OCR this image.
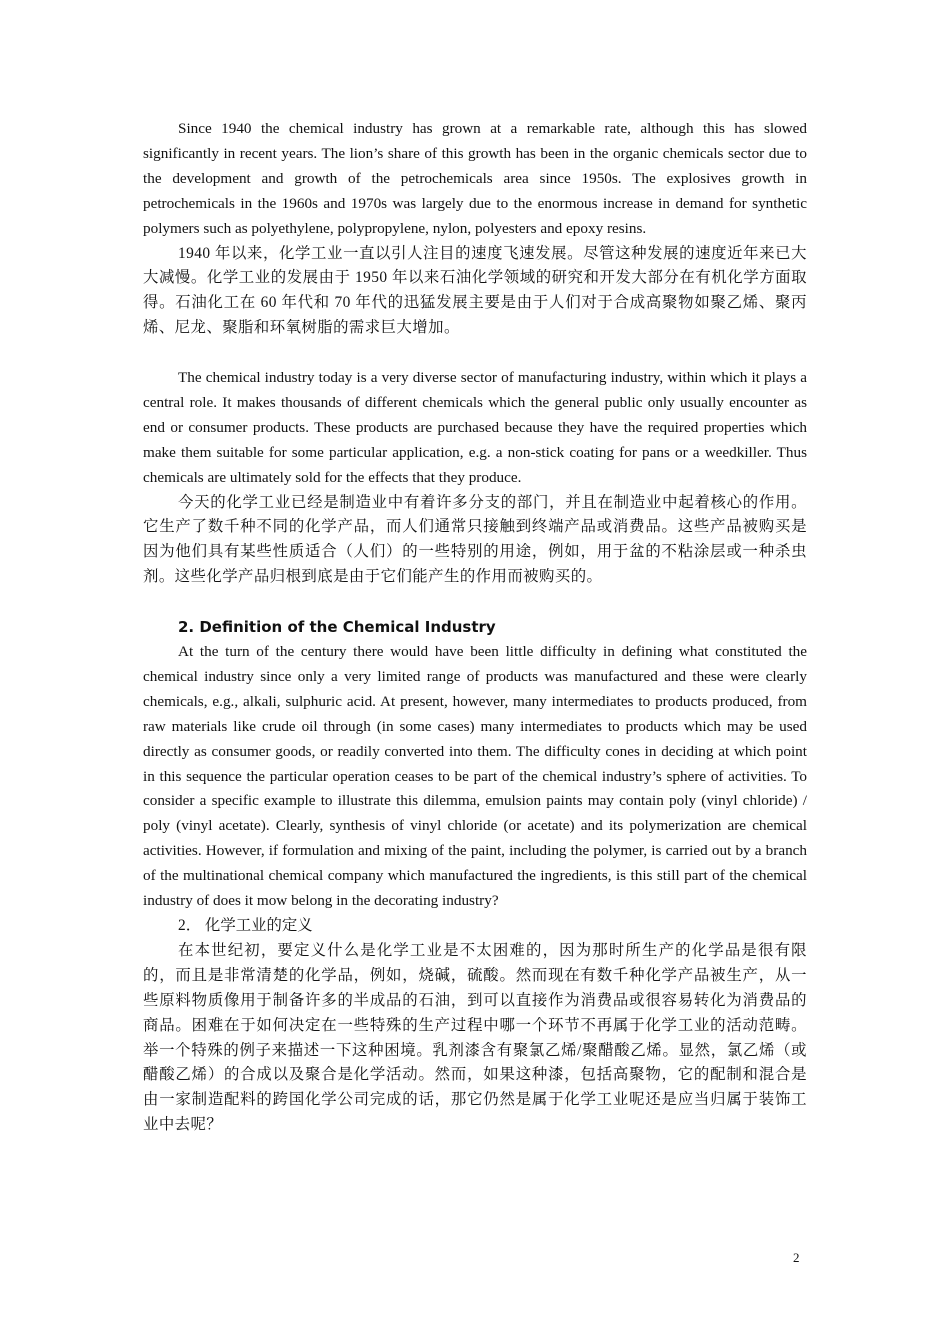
Since 1940 the chemical industry has grown at a remarkable rate, although this has slowed significantly in recent years. The lion’s share of this growth has been in the organic chemicals sector due to the development and growth of the petrochemicals area since 1950s. The explosives growth in petrochemicals in the 1960s and 1970s was largely due to the enormous increase in demand for synthetic polymers such as polyethylene, polypropylene, nylon, polyesters and epoxy resins.

1940 年以来，化学工业一直以引人注目的速度飞速发展。尽管这种发展的速度近年来已大大减慢。化学工业的发展由于 1950 年以来石油化学领域的研究和开发大部分在有机化学方面取得。石油化工在 60 年代和 70 年代的迅猛发展主要是由于人们对于合成高聚物如聚乙烯、聚丙烯、尼龙、聚脂和环氧树脂的需求巨大增加。

The chemical industry today is a very diverse sector of manufacturing industry, within which it plays a central role. It makes thousands of different chemicals which the general public only usually encounter as end or consumer products. These products are purchased because they have the required properties which make them suitable for some particular application, e.g. a non-stick coating for pans or a weedkiller. Thus chemicals are ultimately sold for the effects that they produce.

今天的化学工业已经是制造业中有着许多分支的部门，并且在制造业中起着核心的作用。它生产了数千种不同的化学产品，而人们通常只接触到终端产品或消费品。这些产品被购买是因为他们具有某些性质适合（人们）的一些特别的用途，例如，用于盆的不粘涂层或一种杀虫剂。这些化学产品归根到底是由于它们能产生的作用而被购买的。

2. Definition of the Chemical Industry

At the turn of the century there would have been little difficulty in defining what constituted the chemical industry since only a very limited range of products was manufactured and these were clearly chemicals, e.g., alkali, sulphuric acid. At present, however, many intermediates to products produced, from raw materials like crude oil through (in some cases) many intermediates to products which may be used directly as consumer goods, or readily converted into them. The difficulty cones in deciding at which point in this sequence the particular operation ceases to be part of the chemical industry’s sphere of activities. To consider a specific example to illustrate this dilemma, emulsion paints may contain poly (vinyl chloride) / poly (vinyl acetate). Clearly, synthesis of vinyl chloride (or acetate) and its polymerization are chemical activities. However, if formulation and mixing of the paint, including the polymer, is carried out by a branch of the multinational chemical company which manufactured the ingredients, is this still part of the chemical industry of does it mow belong in the decorating industry?

2． 化学工业的定义

在本世纪初，要定义什么是化学工业是不太困难的，因为那时所生产的化学品是很有限的，而且是非常清楚的化学品，例如，烧碱，硫酸。然而现在有数千种化学产品被生产，从一些原料物质像用于制备许多的半成品的石油，到可以直接作为消费品或很容易转化为消费品的商品。困难在于如何决定在一些特殊的生产过程中哪一个环节不再属于化学工业的活动范畴。举一个特殊的例子来描述一下这种困境。乳剂漆含有聚氯乙烯/聚醋酸乙烯。显然，氯乙烯（或醋酸乙烯）的合成以及聚合是化学活动。然而，如果这种漆，包括高聚物，它的配制和混合是由一家制造配料的跨国化学公司完成的话，那它仍然是属于化学工业呢还是应当归属于装饰工业中去呢？

2
